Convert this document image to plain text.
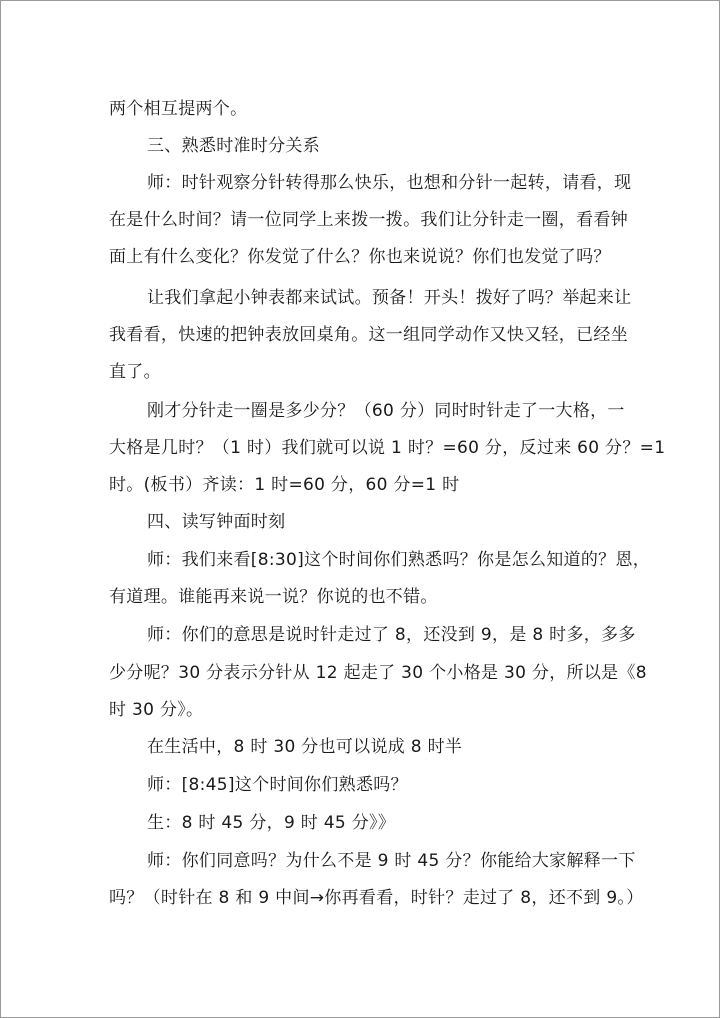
两个相互提两个。
三、熟悉时准时分关系
师：时针观察分针转得那么快乐，也想和分针一起转，请看，现
在是什么时间？请一位同学上来拨一拨。我们让分针走一圈，看看钟
面上有什么变化？你发觉了什么？你也来说说？你们也发觉了吗？
让我们拿起小钟表都来试试。预备！开头！拨好了吗？举起来让
我看看，快速的把钟表放回桌角。这一组同学动作又快又轻，已经坐
直了。
刚才分针走一圈是多少分？（60 分）同时时针走了一大格，一
大格是几时？（1 时）我们就可以说 1 时？=60 分，反过来 60 分？=1
时。(板书）齐读：1 时=60 分，60 分=1 时
四、读写钟面时刻
师：我们来看[8:30]这个时间你们熟悉吗？你是怎么知道的？恩，
有道理。谁能再来说一说？你说的也不错。
师：你们的意思是说时针走过了 8，还没到 9，是 8 时多，多多
少分呢？30 分表示分针从 12 起走了 30 个小格是 30 分，所以是《8
时 30 分》。
在生活中，8 时 30 分也可以说成 8 时半
师：[8:45]这个时间你们熟悉吗？
生：8 时 45 分，9 时 45 分》》
师：你们同意吗？为什么不是 9 时 45 分？你能给大家解释一下
吗？（时针在 8 和 9 中间→你再看看，时针？走过了 8，还不到 9。）
